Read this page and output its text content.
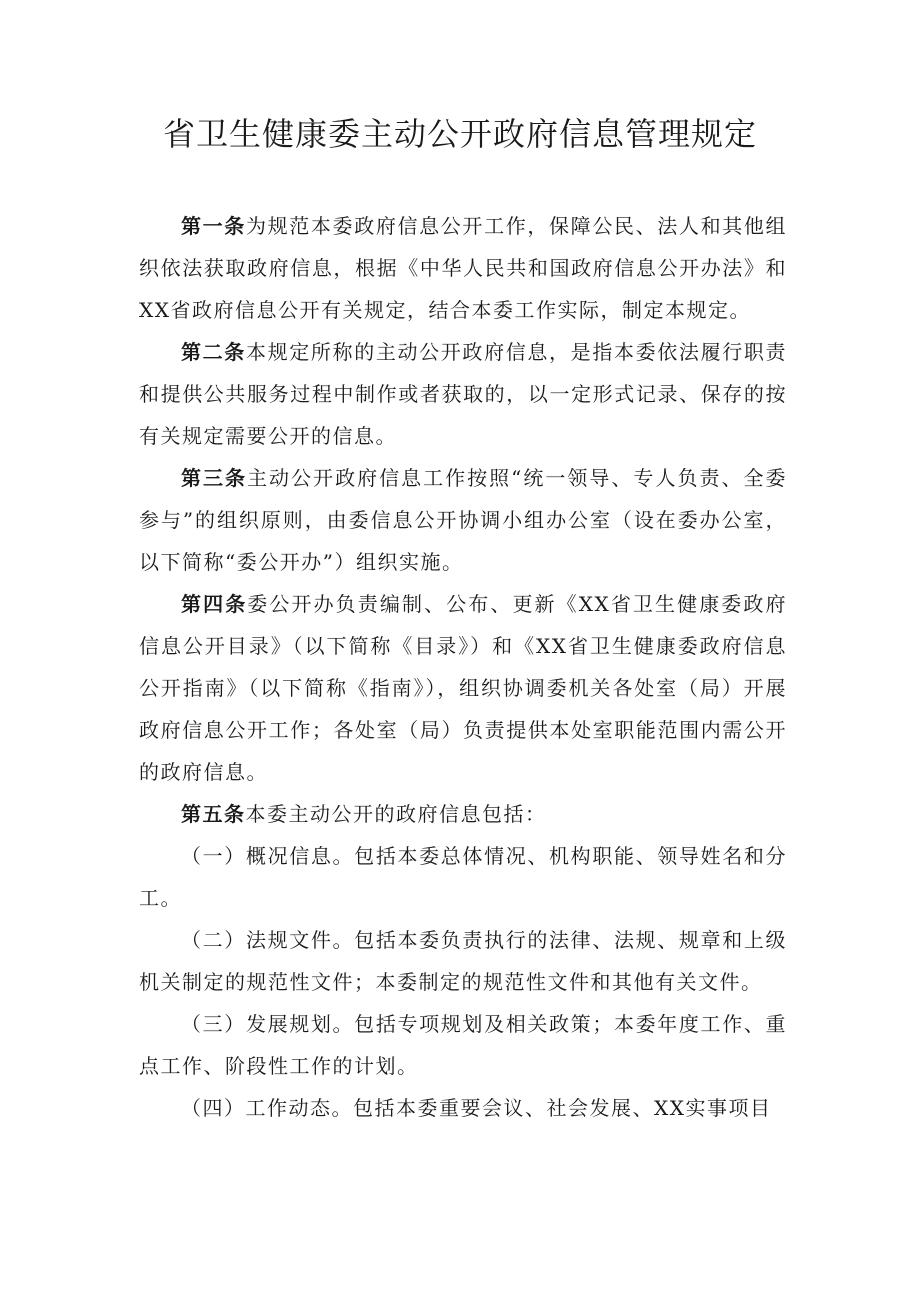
省卫生健康委主动公开政府信息管理规定

第一条为规范本委政府信息公开工作，保障公民、法人和其他组织依法获取政府信息，根据《中华人民共和国政府信息公开办法》和XX省政府信息公开有关规定，结合本委工作实际，制定本规定。

第二条本规定所称的主动公开政府信息，是指本委依法履行职责和提供公共服务过程中制作或者获取的，以一定形式记录、保存的按有关规定需要公开的信息。

第三条主动公开政府信息工作按照“统一领导、专人负责、全委参与”的组织原则，由委信息公开协调小组办公室（设在委办公室，以下简称“委公开办”）组织实施。

第四条委公开办负责编制、公布、更新《XX省卫生健康委政府信息公开目录》（以下简称《目录》）和《XX省卫生健康委政府信息公开指南》（以下简称《指南》），组织协调委机关各处室（局）开展政府信息公开工作；各处室（局）负责提供本处室职能范围内需公开的政府信息。

第五条本委主动公开的政府信息包括：

（一）概况信息。包括本委总体情况、机构职能、领导姓名和分工。

（二）法规文件。包括本委负责执行的法律、法规、规章和上级机关制定的规范性文件；本委制定的规范性文件和其他有关文件。

（三）发展规划。包括专项规划及相关政策；本委年度工作、重点工作、阶段性工作的计划。

（四）工作动态。包括本委重要会议、社会发展、XX实事项目
